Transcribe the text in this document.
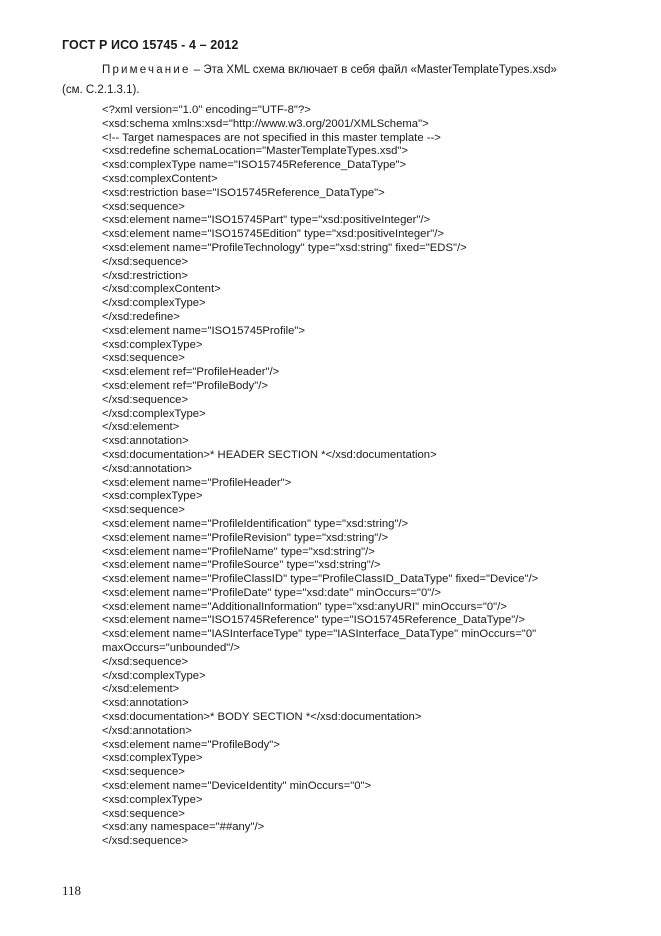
ГОСТ Р ИСО 15745 - 4 – 2012
Примечание – Эта XML схема включает в себя файл «MasterTemplateTypes.xsd»
(см. С.2.1.3.1).
<?xml version="1.0" encoding="UTF-8"?>
<xsd:schema xmlns:xsd="http://www.w3.org/2001/XMLSchema">
<!-- Target namespaces are not specified in this master template -->
<xsd:redefine schemaLocation="MasterTemplateTypes.xsd">
<xsd:complexType name="ISO15745Reference_DataType">
<xsd:complexContent>
<xsd:restriction base="ISO15745Reference_DataType">
<xsd:sequence>
<xsd:element name="ISO15745Part" type="xsd:positiveInteger"/>
<xsd:element name="ISO15745Edition" type="xsd:positiveInteger"/>
<xsd:element name="ProfileTechnology" type="xsd:string" fixed="EDS"/>
</xsd:sequence>
</xsd:restriction>
</xsd:complexContent>
</xsd:complexType>
</xsd:redefine>
<xsd:element name="ISO15745Profile">
<xsd:complexType>
<xsd:sequence>
<xsd:element ref="ProfileHeader"/>
<xsd:element ref="ProfileBody"/>
</xsd:sequence>
</xsd:complexType>
</xsd:element>
<xsd:annotation>
<xsd:documentation>* HEADER SECTION *</xsd:documentation>
</xsd:annotation>
<xsd:element name="ProfileHeader">
<xsd:complexType>
<xsd:sequence>
<xsd:element name="ProfileIdentification" type="xsd:string"/>
<xsd:element name="ProfileRevision" type="xsd:string"/>
<xsd:element name="ProfileName" type="xsd:string"/>
<xsd:element name="ProfileSource" type="xsd:string"/>
<xsd:element name="ProfileClassID" type="ProfileClassID_DataType" fixed="Device"/>
<xsd:element name="ProfileDate" type="xsd:date" minOccurs="0"/>
<xsd:element name="AdditionalInformation" type="xsd:anyURI" minOccurs="0"/>
<xsd:element name="ISO15745Reference" type="ISO15745Reference_DataType"/>
<xsd:element name="IASInterfaceType" type="IASInterface_DataType" minOccurs="0"
maxOccurs="unbounded"/>
</xsd:sequence>
</xsd:complexType>
</xsd:element>
<xsd:annotation>
<xsd:documentation>* BODY SECTION *</xsd:documentation>
</xsd:annotation>
<xsd:element name="ProfileBody">
<xsd:complexType>
<xsd:sequence>
<xsd:element name="DeviceIdentity" minOccurs="0">
<xsd:complexType>
<xsd:sequence>
<xsd:any namespace="##any"/>
</xsd:sequence>
118
